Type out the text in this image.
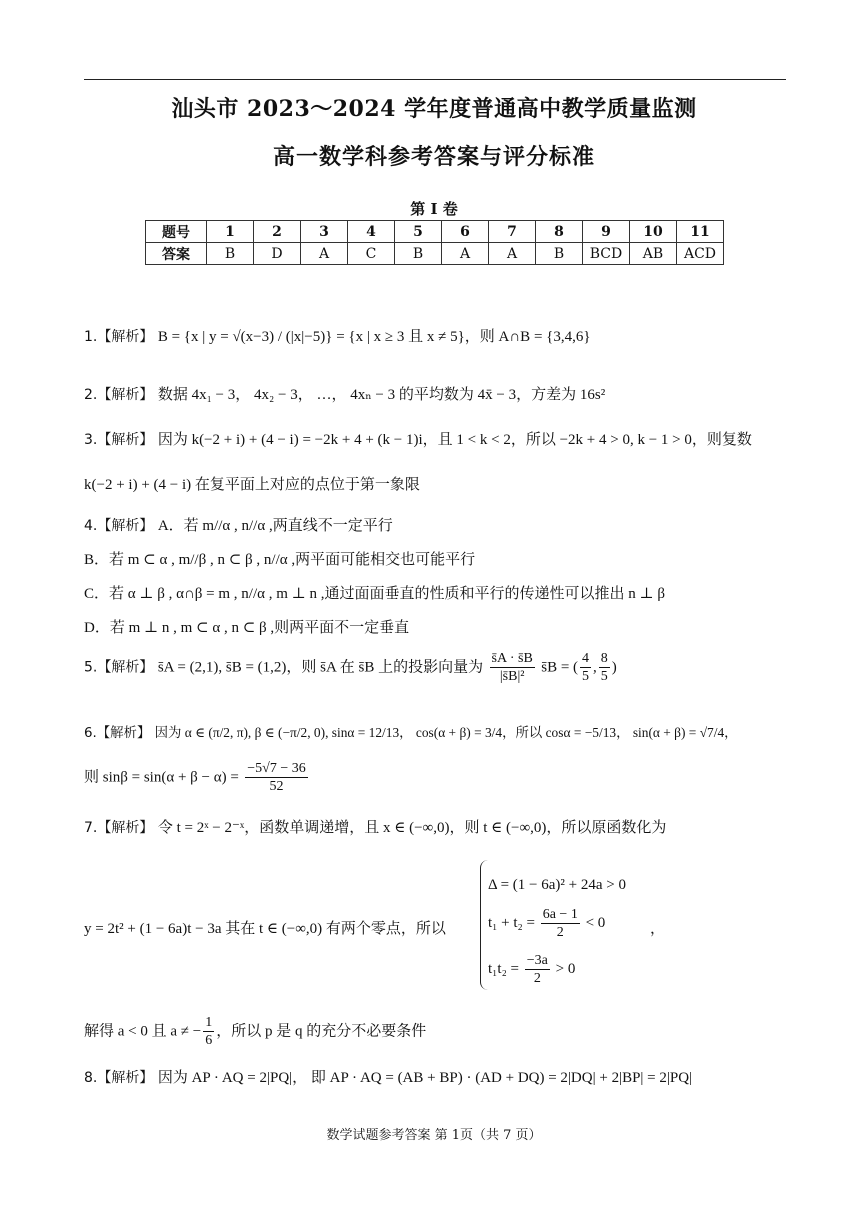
汕头市 2023～2024 学年度普通高中教学质量监测
高一数学科参考答案与评分标准
第 I 卷
题号	1	2	3	4	5	6	7	8	9	10	11
答案	B	D	A	C	B	A	A	B	BCD	AB	ACD
1.【解析】 B = {x | y = √(x−3) / (|x|−5)} = {x | x ≥ 3 且 x ≠ 5}，则 A∩B = {3,4,6}
2.【解析】 数据 4x₁ − 3， 4x₂ − 3， …， 4xₙ − 3 的平均数为 4x̄ − 3，方差为 16s²
3.【解析】 因为 k(−2 + i) + (4 − i) = −2k + 4 + (k − 1)i，且 1 < k < 2，所以 −2k + 4 > 0, k − 1 > 0，则复数
k(−2 + i) + (4 − i) 在复平面上对应的点位于第一象限
4.【解析】 A．若 m//α , n//α ,两直线不一定平行
B．若 m ⊂ α , m//β , n ⊂ β , n//α ,两平面可能相交也可能平行
C．若 α ⊥ β , α∩β = m , n//α , m ⊥ n ,通过面面垂直的性质和平行的传递性可以推出 n ⊥ β
D．若 m ⊥ n , m ⊂ α , n ⊂ β ,则两平面不一定垂直
5.【解析】 s̄A = (2,1), s̄B = (1,2)，则 s̄A 在 s̄B 上的投影向量为 $\frac{s̄A \cdot s̄B}{\text{|s̄B|²}}$ s̄B = ( $\frac{4}{5}$ , $\frac{8}{5}$ )
6.【解析】 因为 α ∈ (π/2, π), β ∈ (−π/2, 0), sinα = 12/13， cos(α + β) = 3/4，所以 cosα = −5/13， sin(α + β) = √7/4，
则 $\sin\beta = \sin(\alpha + \beta - \alpha) = \frac{-5√7 - 36}{52}$
7.【解析】 令 t = 2ˣ − 2⁻ˣ，函数单调递增，且 x ∈ (−∞,0)，则 t ∈ (−∞,0)，所以原函数化为
y = 2t² + (1 − 6a)t − 3a 其在 t ∈ (−∞,0) 有两个零点，所以
Δ = (1 − 6a)² + 24a > 0
$t_1 + t_2 = \frac{6a - 1}{2} < 0$
$t_1t_2 = \frac{-3a}{2} > 0$
，
解得 a < 0 且 a ≠ − $\frac{1}{6}$ ，所以 p 是 q 的充分不必要条件
8.【解析】 因为 AP · AQ = 2|PQ|， 即 AP · AQ = (AB + BP) · (AD + DQ) = 2|DQ| + 2|BP| = 2|PQ|
数学试题参考答案 第 1页（共 7 页）
